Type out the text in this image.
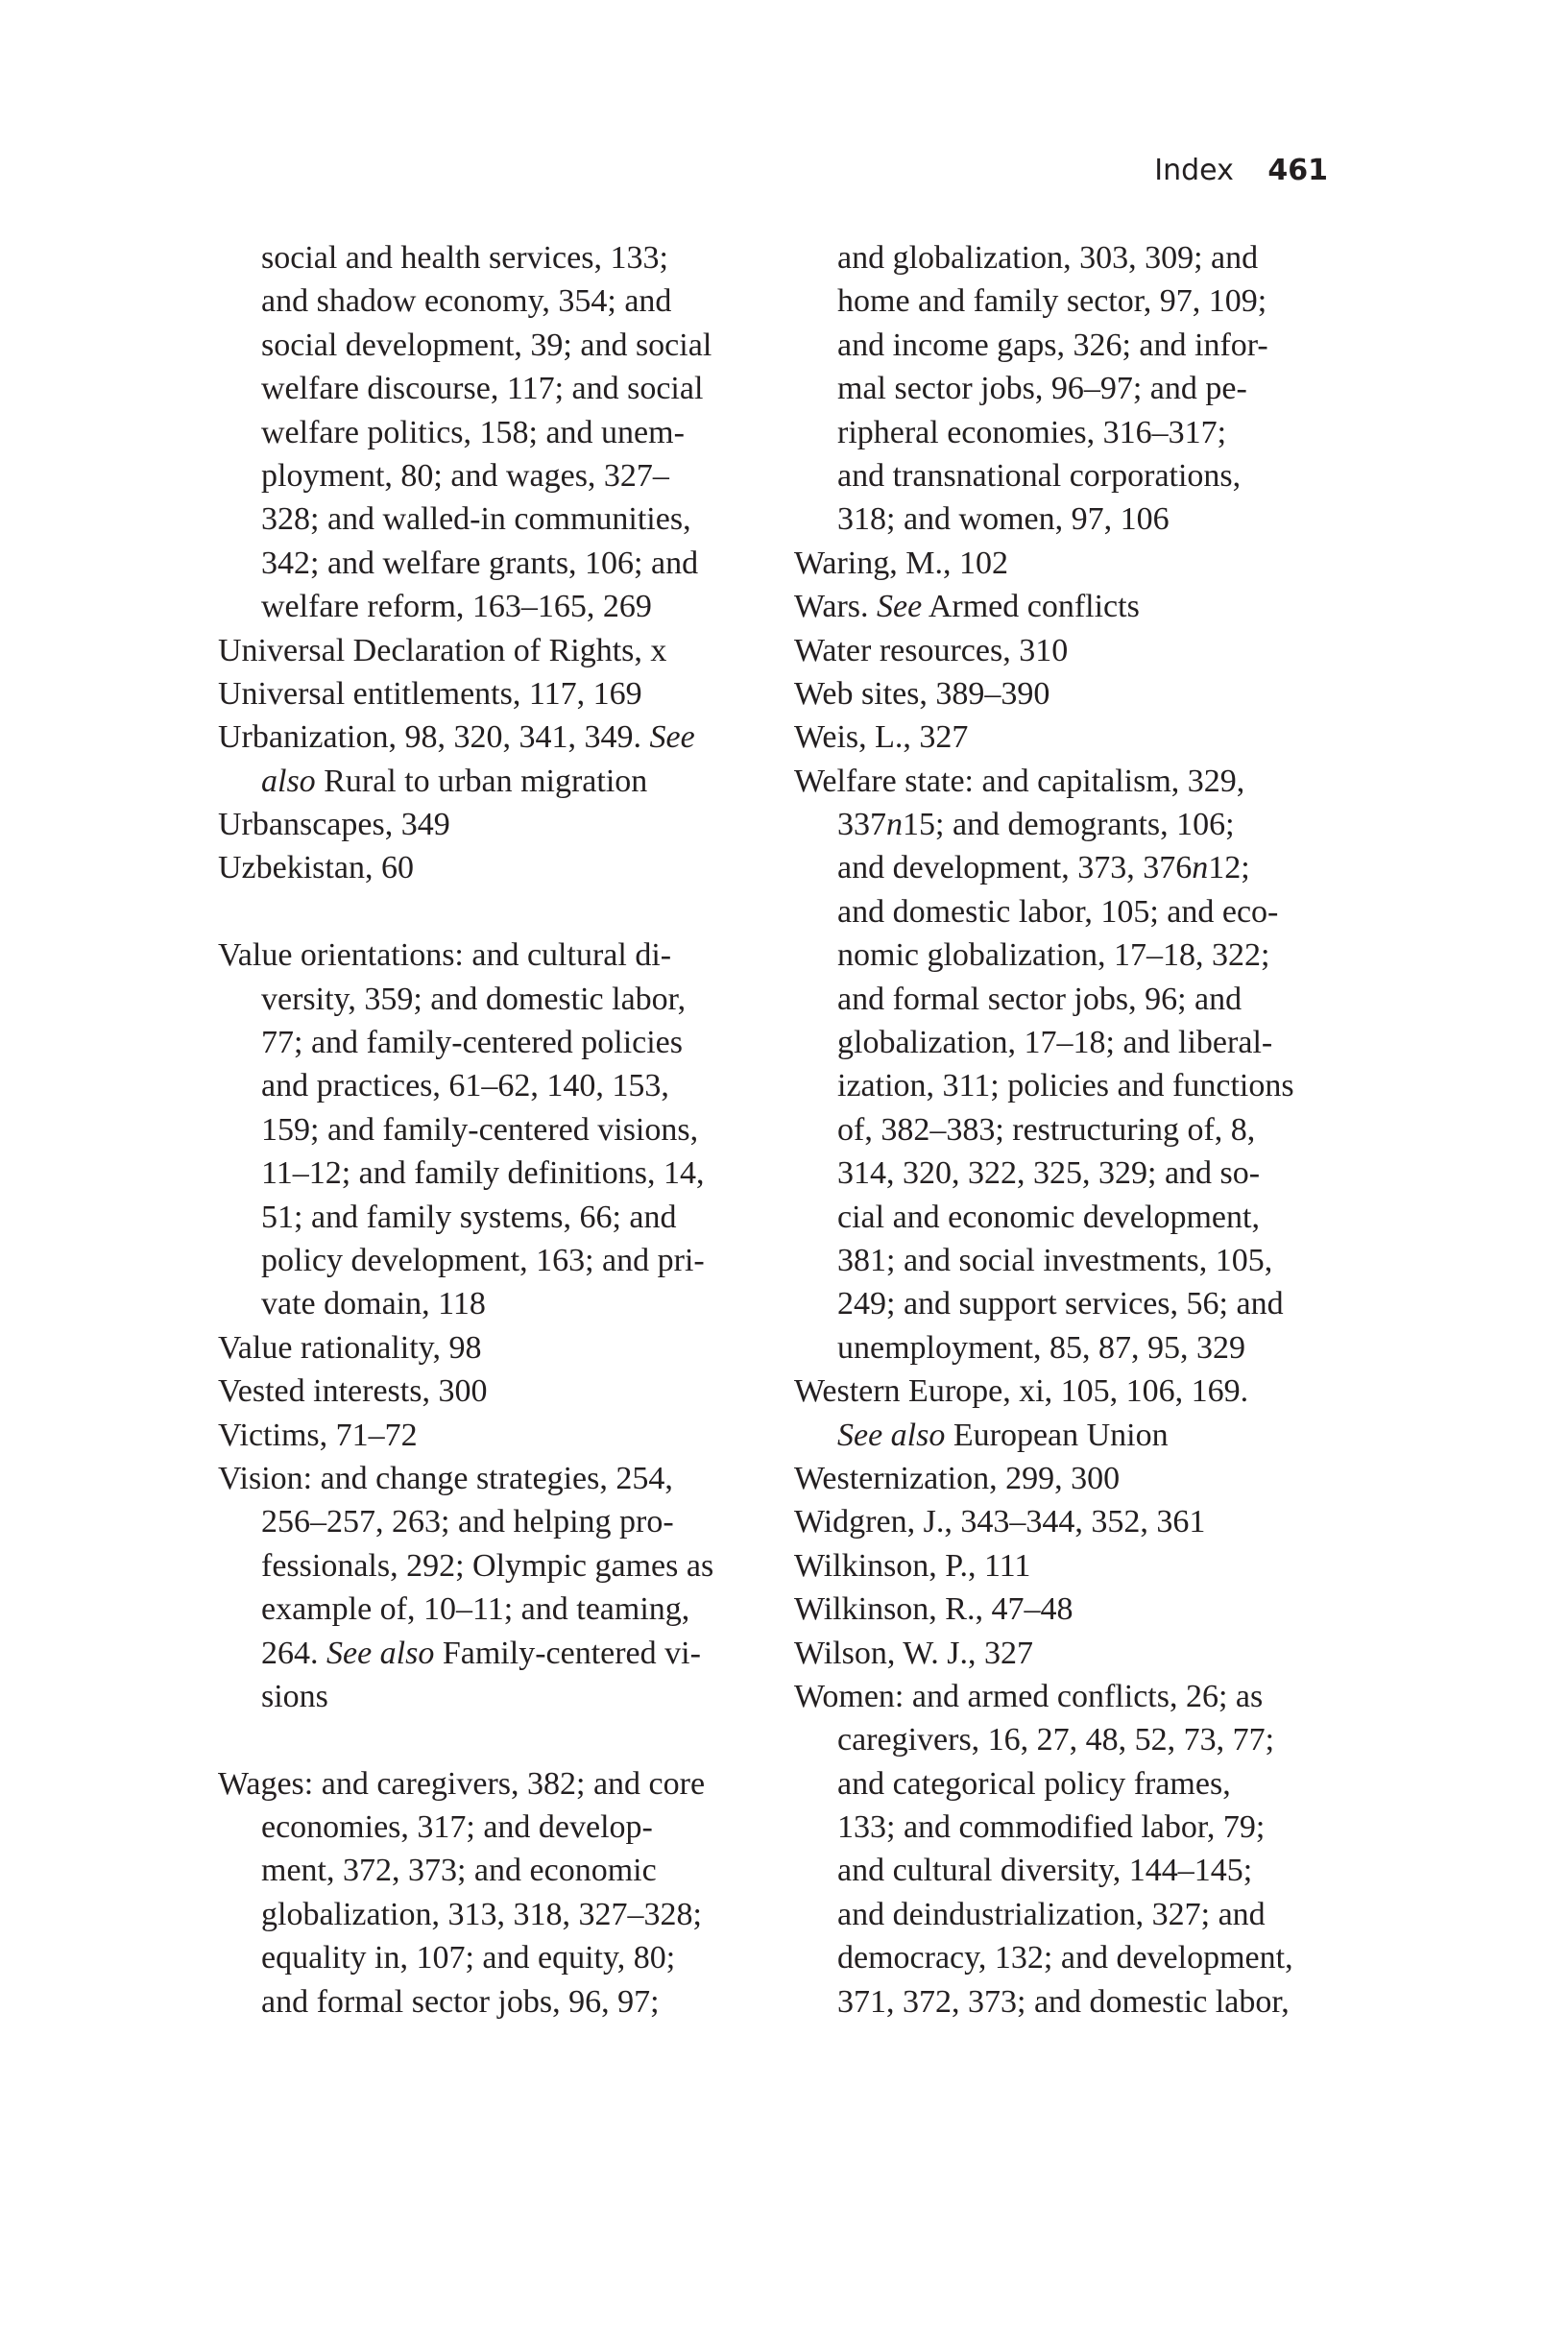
Index 461
social and health services, 133;
and shadow economy, 354; and
social development, 39; and social
welfare discourse, 117; and social
welfare politics, 158; and unem-
ployment, 80; and wages, 327–
328; and walled-in communities,
342; and welfare grants, 106; and
welfare reform, 163–165, 269
Universal Declaration of Rights, x
Universal entitlements, 117, 169
Urbanization, 98, 320, 341, 349. See
also Rural to urban migration
Urbanscapes, 349
Uzbekistan, 60
Value orientations: and cultural di-
versity, 359; and domestic labor,
77; and family-centered policies
and practices, 61–62, 140, 153,
159; and family-centered visions,
11–12; and family definitions, 14,
51; and family systems, 66; and
policy development, 163; and pri-
vate domain, 118
Value rationality, 98
Vested interests, 300
Victims, 71–72
Vision: and change strategies, 254,
256–257, 263; and helping pro-
fessionals, 292; Olympic games as
example of, 10–11; and teaming,
264. See also Family-centered vi-
sions
Wages: and caregivers, 382; and core
economies, 317; and develop-
ment, 372, 373; and economic
globalization, 313, 318, 327–328;
equality in, 107; and equity, 80;
and formal sector jobs, 96, 97;
and globalization, 303, 309; and
home and family sector, 97, 109;
and income gaps, 326; and infor-
mal sector jobs, 96–97; and pe-
ripheral economies, 316–317;
and transnational corporations,
318; and women, 97, 106
Waring, M., 102
Wars. See Armed conflicts
Water resources, 310
Web sites, 389–390
Weis, L., 327
Welfare state: and capitalism, 329,
337n15; and demogrants, 106;
and development, 373, 376n12;
and domestic labor, 105; and eco-
nomic globalization, 17–18, 322;
and formal sector jobs, 96; and
globalization, 17–18; and liberal-
ization, 311; policies and functions
of, 382–383; restructuring of, 8,
314, 320, 322, 325, 329; and so-
cial and economic development,
381; and social investments, 105,
249; and support services, 56; and
unemployment, 85, 87, 95, 329
Western Europe, xi, 105, 106, 169.
See also European Union
Westernization, 299, 300
Widgren, J., 343–344, 352, 361
Wilkinson, P., 111
Wilkinson, R., 47–48
Wilson, W. J., 327
Women: and armed conflicts, 26; as
caregivers, 16, 27, 48, 52, 73, 77;
and categorical policy frames,
133; and commodified labor, 79;
and cultural diversity, 144–145;
and deindustrialization, 327; and
democracy, 132; and development,
371, 372, 373; and domestic labor,
